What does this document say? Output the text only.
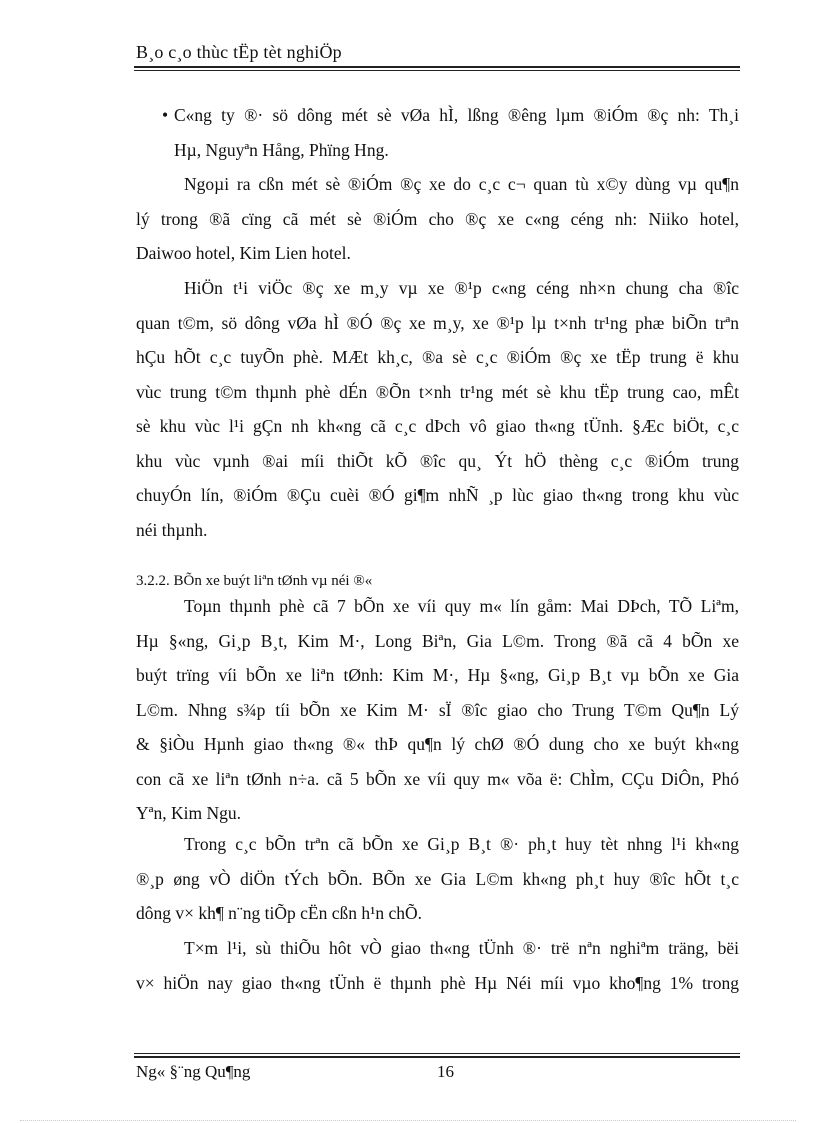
B¸o c¸o thùc tËp tèt nghiÖp
• C«ng ty ®· sö dông mét sè vØa hÌ, lßng ®êng lµm ®iÓm ®ç nh: Th¸i
Hµ, Nguyªn Hång, Phïng Hng.
Ngoµi ra cßn mét sè ®iÓm ®ç xe do c¸c c¬ quan tù x©y dùng vµ qu¶n
lý trong ®ã cïng cã mét sè ®iÓm cho ®ç xe c«ng céng nh: Niiko hotel,
Daiwoo hotel, Kim Lien hotel.
HiÖn t¹i viÖc ®ç xe m¸y vµ xe ®¹p c«ng céng nh×n chung cha ®îc
quan t©m, sö dông vØa hÌ ®Ó ®ç xe m¸y, xe ®¹p lµ t×nh tr¹ng phæ biÕn trªn
hÇu hÕt c¸c tuyÕn phè. MÆt kh¸c, ®a sè c¸c ®iÓm ®ç xe tËp trung ë khu
vùc trung t©m thµnh phè dÉn ®Õn t×nh tr¹ng mét sè khu tËp trung cao, mÊt
sè khu vùc l¹i gÇn nh kh«ng cã c¸c dÞch vô giao th«ng tÜnh. §Æc biÖt, c¸c
khu vùc vµnh ®ai míi thiÕt kÕ ®îc qu¸ Ýt hÖ thèng c¸c ®iÓm trung
chuyÓn lín, ®iÓm ®Çu cuèi ®Ó gi¶m nhÑ ¸p lùc giao th«ng trong khu vùc
néi thµnh.
3.2.2. BÕn xe buýt liªn tØnh vµ néi ®«
Toµn thµnh phè cã 7 bÕn xe víi quy m« lín gåm: Mai DÞch, TÕ Liªm,
Hµ §«ng, Gi¸p B¸t, Kim M·, Long Biªn, Gia L©m. Trong ®ã cã 4 bÕn xe
buýt trïng víi bÕn xe liªn tØnh: Kim M·, Hµ §«ng, Gi¸p B¸t vµ bÕn xe Gia
L©m. Nhng s¾p tíi bÕn xe Kim M· sÏ ®îc giao cho Trung T©m Qu¶n Lý
& §iÒu Hµnh giao th«ng ®« thÞ qu¶n lý chØ ®Ó dung cho xe buýt kh«ng
con cã xe liªn tØnh n÷a. cã 5 bÕn xe víi quy m« võa ë: ChÌm, CÇu DiÔn, Phó
Yªn, Kim Ngu.
Trong c¸c bÕn trªn cã bÕn xe Gi¸p B¸t ®· ph¸t huy tèt nhng l¹i kh«ng
®¸p øng vÒ diÖn tÝch bÕn. BÕn xe Gia L©m kh«ng ph¸t huy ®îc hÕt t¸c
dông v× kh¶ n¨ng tiÕp cËn cßn h¹n chÕ.
T×m l¹i, sù thiÕu hôt vÒ giao th«ng tÜnh ®· trë nªn nghiªm träng, bëi
v× hiÖn nay giao th«ng tÜnh ë thµnh phè Hµ Néi míi vµo kho¶ng 1% trong
Ng« §¨ng Qu¶ng	16
